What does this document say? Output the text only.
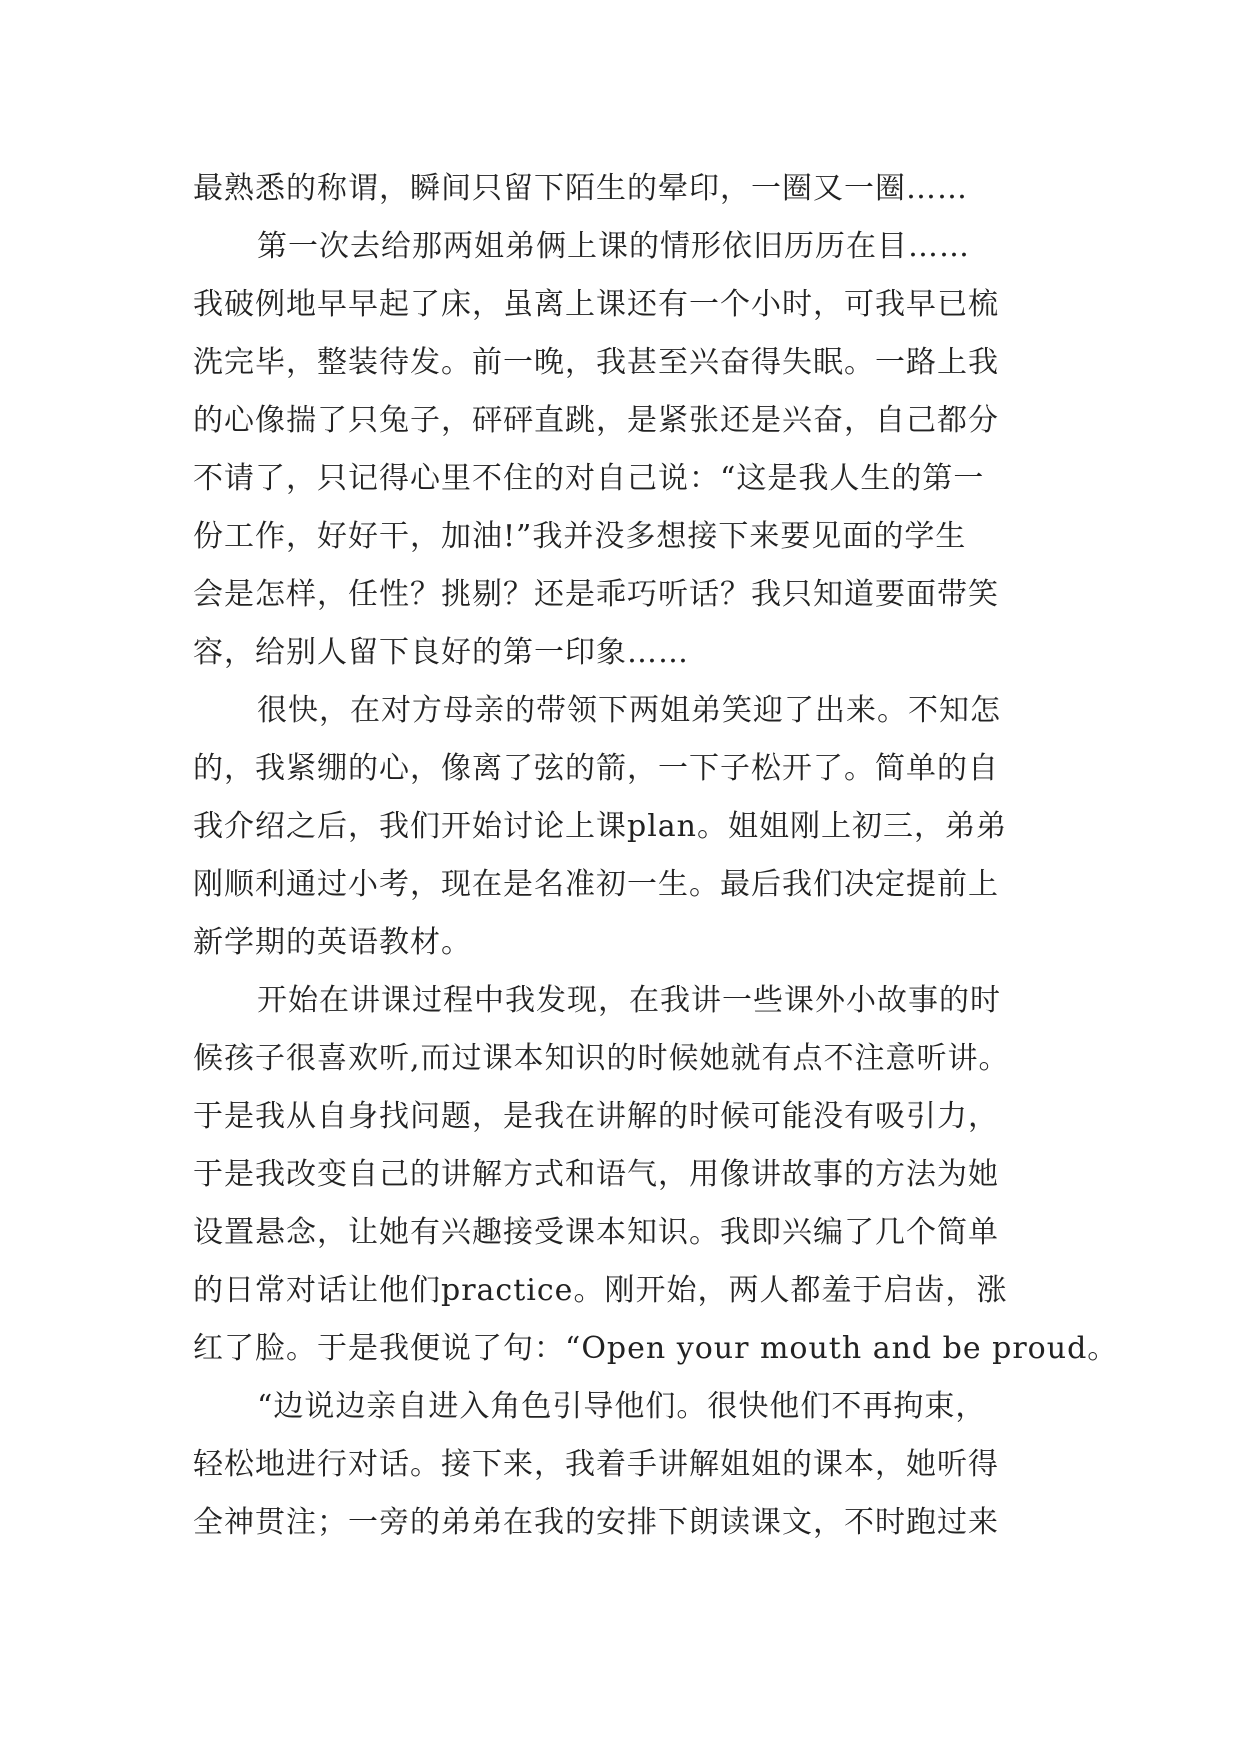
最熟悉的称谓，瞬间只留下陌生的晕印，一圈又一圈……
第一次去给那两姐弟俩上课的情形依旧历历在目……
我破例地早早起了床，虽离上课还有一个小时，可我早已梳
洗完毕，整装待发。前一晚，我甚至兴奋得失眠。一路上我
的心像揣了只兔子，砰砰直跳，是紧张还是兴奋，自己都分
不请了，只记得心里不住的对自己说：“这是我人生的第一
份工作，好好干，加油!”我并没多想接下来要见面的学生
会是怎样，任性？挑剔？还是乖巧听话？我只知道要面带笑
容，给别人留下良好的第一印象……
很快，在对方母亲的带领下两姐弟笑迎了出来。不知怎
的，我紧绷的心，像离了弦的箭，一下子松开了。简单的自
我介绍之后，我们开始讨论上课plan。姐姐刚上初三，弟弟
刚顺利通过小考，现在是名准初一生。最后我们决定提前上
新学期的英语教材。
开始在讲课过程中我发现，在我讲一些课外小故事的时
候孩子很喜欢听,而过课本知识的时候她就有点不注意听讲。
于是我从自身找问题，是我在讲解的时候可能没有吸引力，
于是我改变自己的讲解方式和语气，用像讲故事的方法为她
设置悬念，让她有兴趣接受课本知识。我即兴编了几个简单
的日常对话让他们practice。刚开始，两人都羞于启齿，涨
红了脸。于是我便说了句：“Open your mouth and be proud。
“边说边亲自进入角色引导他们。很快他们不再拘束，
轻松地进行对话。接下来，我着手讲解姐姐的课本，她听得
全神贯注；一旁的弟弟在我的安排下朗读课文，不时跑过来
